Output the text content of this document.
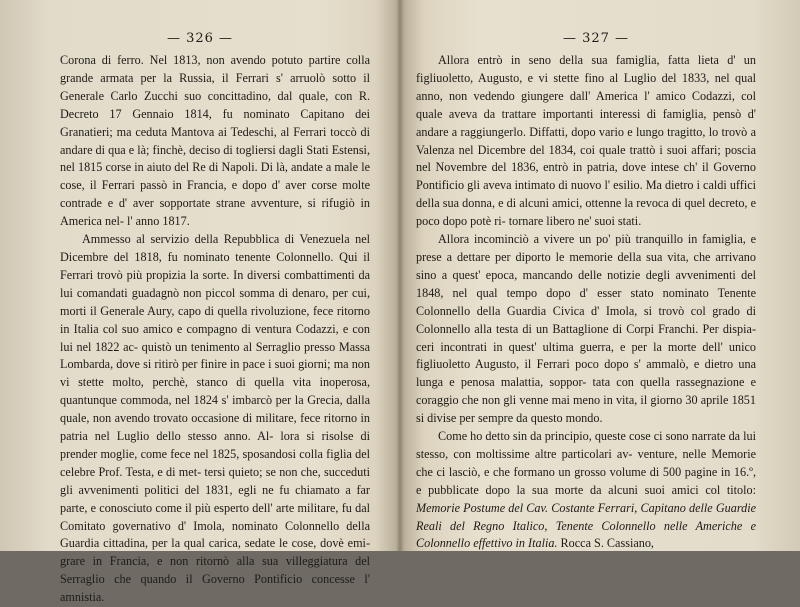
— 326 —

Corona di ferro. Nel 1813, non avendo potuto partire colla grande armata per la Russia, il Ferrari s' arruolò sotto il Generale Carlo Zucchi suo concittadino, dal quale, con R. Decreto 17 Gennaio 1814, fu nominato Capitano dei Granatieri; ma ceduta Mantova ai Tedeschi, al Ferrari toccò di andare di qua e là; finchè, deciso di togliersi dagli Stati Estensi, nel 1815 corse in aiuto del Re di Napoli. Di là, andate a male le cose, il Ferrari passò in Francia, e dopo d' aver corse molte contrade e d' aver sopportate strane avventure, si rifugiò in America nel- l' anno 1817.

Ammesso al servizio della Repubblica di Venezuela nel Dicembre del 1818, fu nominato tenente Colonnello. Qui il Ferrari trovò più propizia la sorte. In diversi combattimenti da lui comandati guadagnò non piccol somma di denaro, per cui, morti il Generale Aury, capo di quella rivoluzione, fece ritorno in Italia col suo amico e compagno di ventura Codazzi, e con lui nel 1822 ac- quistò un tenimento al Serraglio presso Massa Lombarda, dove si ritirò per finire in pace i suoi giorni; ma non vi stette molto, perchè, stanco di quella vita inoperosa, quantunque commoda, nel 1824 s' imbarcò per la Grecia, dalla quale, non avendo trovato occasione di militare, fece ritorno in patria nel Luglio dello stesso anno. Al- lora si risolse di prender moglie, come fece nel 1825, sposandosi colla figlia del celebre Prof. Testa, e di met- tersi quieto; se non che, succeduti gli avvenimenti politici del 1831, egli ne fu chiamato a far parte, e conosciuto come il più esperto dell' arte militare, fu dal Comitato governativo d' Imola, nominato Colonnello della Guardia cittadina, per la qual carica, sedate le cose, dovè emi- grare in Francia, e non ritornò alla sua villeggiatura del Serraglio che quando il Governo Pontificio concesse l' amnistia.

— 327 —

Allora entrò in seno della sua famiglia, fatta lieta d' un figliuoletto, Augusto, e vi stette fino al Luglio del 1833, nel qual anno, non vedendo giungere dall' America l' amico Codazzi, col quale aveva da trattare importanti interessi di famiglia, pensò d' andare a raggiungerlo. Diffatti, dopo vario e lungo tragitto, lo trovò a Valenza nel Dicembre del 1834, coi quale trattò i suoi affari; poscia nel Novembre del 1836, entrò in patria, dove intese ch' il Governo Pontificio gli aveva intimato di nuovo l' esilio. Ma dietro i caldi uffici della sua donna, e di alcuni amici, ottenne la revoca di quel decreto, e poco dopo potè ri- tornare libero ne' suoi stati.

Allora incominciò a vivere un po' più tranquillo in famiglia, e prese a dettare per diporto le memorie della sua vita, che arrivano sino a quest' epoca, mancando delle notizie degli avvenimenti del 1848, nel qual tempo dopo d' esser stato nominato Tenente Colonnello della Guardia Civica d' Imola, si trovò col grado di Colonnello alla testa di un Battaglione di Corpi Franchi. Per dispia- ceri incontrati in quest' ultima guerra, e per la morte dell' unico figliuoletto Augusto, il Ferrari poco dopo s' ammalò, e dietro una lunga e penosa malattia, soppor- tata con quella rassegnazione e coraggio che non gli venne mai meno in vita, il giorno 30 aprile 1851 si divise per sempre da questo mondo.

Come ho detto sin da principio, queste cose ci sono narrate da lui stesso, con moltissime altre particolari av- venture, nelle Memorie che ci lasciò, e che formano un grosso volume di 500 pagine in 16.º, e pubblicate dopo la sua morte da alcuni suoi amici col titolo: Memorie Postume del Cav. Costante Ferrari, Capitano delle Guardie Reali del Regno Italico, Tenente Colonnello nelle Americhe e Colonnello effettivo in Italia. Rocca S. Cassiano,
